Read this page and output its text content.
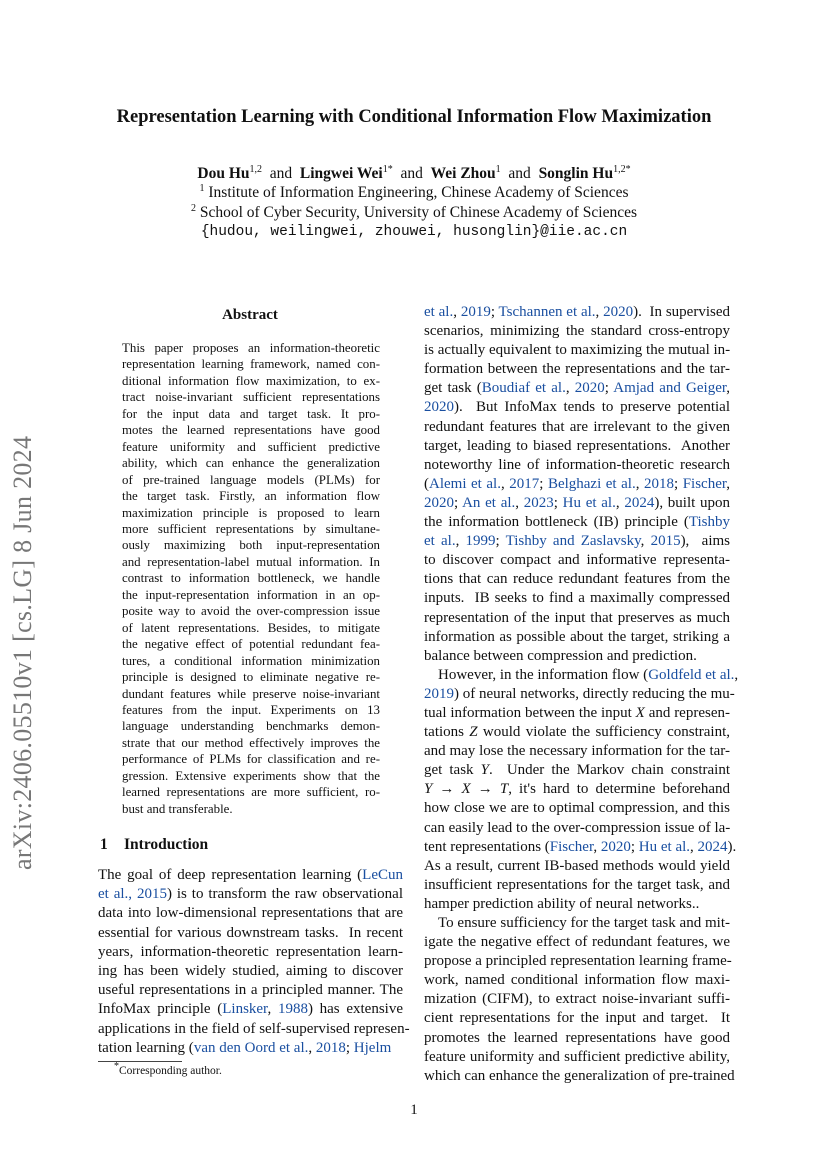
arXiv:2406.05510v1 [cs.LG] 8 Jun 2024
Representation Learning with Conditional Information Flow Maximization
Dou Hu$^{1,2}$  and  Lingwei Wei$^{1*}$  and  Wei Zhou$^1$  and  Songlin $Hu^{1,2*}$
$^1$ Institute of Information Engineering, Chinese Academy of Sciences
$^2$ School of Cyber Security, University of Chinese Academy of Sciences
{hudou, weilingwei, zhouwei, husonglin}@iie.ac.cn
Abstract
This paper proposes an information-theoretic
representation learning framework, named con-
ditional information flow maximization, to ex-
tract noise-invariant sufficient representations
for the input data and target task. It pro-
motes the learned representations have good
feature uniformity and sufficient predictive
ability, which can enhance the generalization
of pre-trained language models (PLMs) for
the target task. Firstly, an information flow
maximization principle is proposed to learn
more sufficient representations by simultane-
ously maximizing both input-representation
and representation-label mutual information. In
contrast to information bottleneck, we handle
the input-representation information in an op-
posite way to avoid the over-compression issue
of latent representations. Besides, to mitigate
the negative effect of potential redundant fea-
tures, a conditional information minimization
principle is designed to eliminate negative re-
dundant features while preserve noise-invariant
features from the input. Experiments on 13
language understanding benchmarks demon-
strate that our method effectively improves the
performance of PLMs for classification and re-
gression. Extensive experiments show that the
learned representations are more sufficient, ro-
bust and transferable.
1 Introduction
The goal of deep representation learning (LeCun
et al., 2015) is to transform the raw observational
data into low-dimensional representations that are
essential for various downstream tasks.  In recent
years, information-theoretic representation learn-
ing has been widely studied, aiming to discover
useful representations in a principled manner. The
InfoMax principle (Linsker, 1988) has extensive
applications in the field of self-supervised represen-
tation learning (van den Oord et al., 2018; Hjelm
et al., 2019; Tschannen et al., 2020).  In supervised
scenarios, minimizing the standard cross-entropy
is actually equivalent to maximizing the mutual in-
formation between the representations and the tar-
get task (Boudiaf et al., 2020; Amjad and Geiger,
2020).  But InfoMax tends to preserve potential
redundant features that are irrelevant to the given
target, leading to biased representations.  Another
noteworthy line of information-theoretic research
(Alemi et al., 2017; Belghazi et al., 2018; Fischer,
2020; An et al., 2023; Hu et al., 2024), built upon
the information bottleneck (IB) principle (Tishby
et al., 1999; Tishby and Zaslavsky, 2015),  aims
to discover compact and informative representa-
tions that can reduce redundant features from the
inputs.  IB seeks to find a maximally compressed
representation of the input that preserves as much
information as possible about the target, striking a
balance between compression and prediction.
However, in the information flow (Goldfeld et al.,
2019) of neural networks, directly reducing the mu-
tual information between the input X and represen-
tations Z would violate the sufficiency constraint,
and may lose the necessary information for the tar-
get task Y.  Under the Markov chain constraint
Y → X → T, it's hard to determine beforehand
how close we are to optimal compression, and this
can easily lead to the over-compression issue of la-
tent representations (Fischer, 2020; Hu et al., 2024).
As a result, current IB-based methods would yield
insufficient representations for the target task, and
hamper prediction ability of neural networks..
To ensure sufficiency for the target task and mit-
igate the negative effect of redundant features, we
propose a principled representation learning frame-
work, named conditional information flow maxi-
mization (CIFM), to extract noise-invariant suffi-
cient representations for the input and target.  It
promotes the learned representations have good
feature uniformity and sufficient predictive ability,
which can enhance the generalization of pre-trained
*Corresponding author.
1
